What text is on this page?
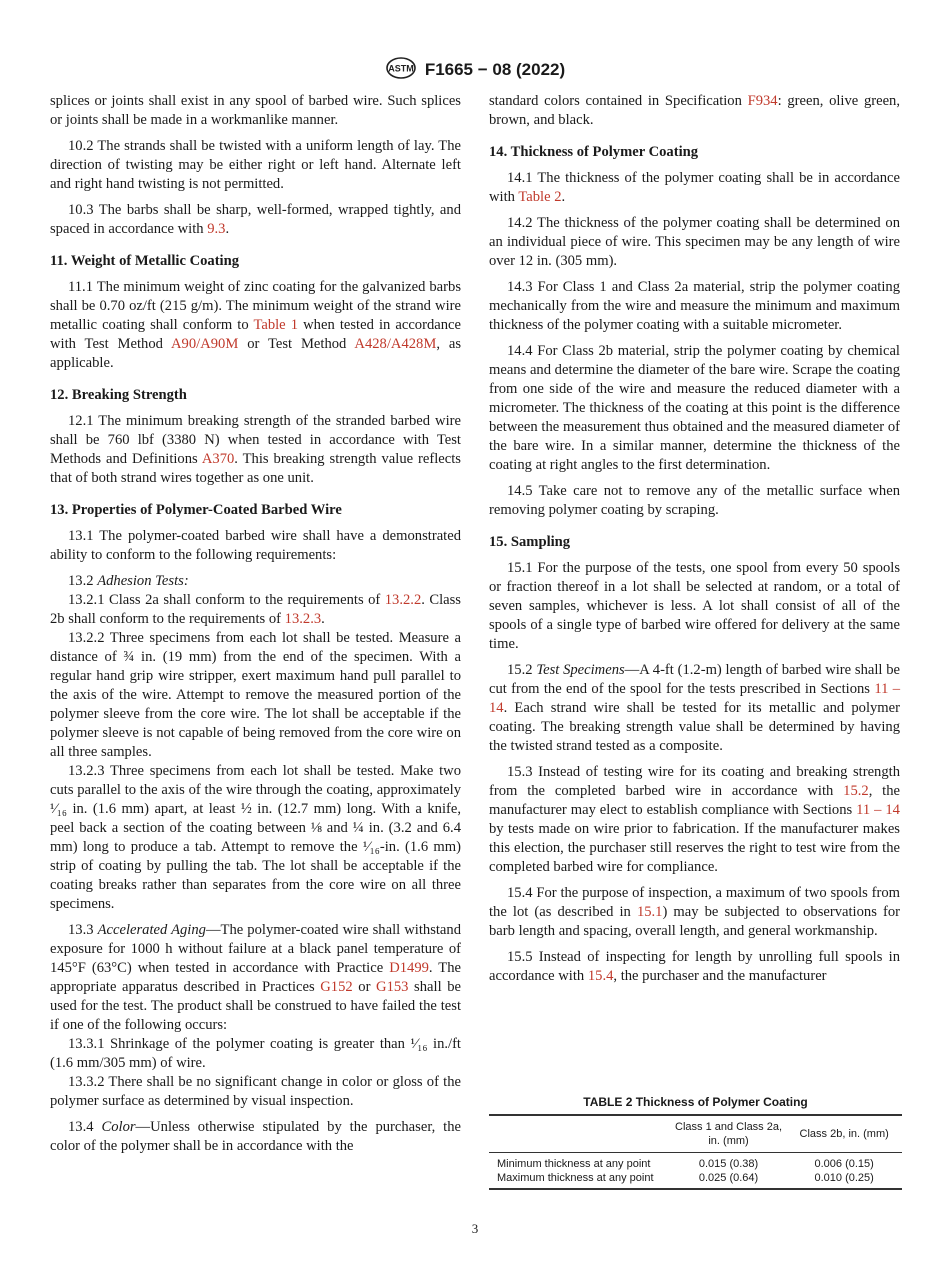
ASTM F1665 − 08 (2022)

splices or joints shall exist in any spool of barbed wire. Such splices or joints shall be made in a workmanlike manner.

10.2 The strands shall be twisted with a uniform length of lay. The direction of twisting may be either right or left hand. Alternate left and right hand twisting is not permitted.

10.3 The barbs shall be sharp, well-formed, wrapped tightly, and spaced in accordance with 9.3.

11. Weight of Metallic Coating

11.1 The minimum weight of zinc coating for the galvanized barbs shall be 0.70 oz/ft (215 g/m). The minimum weight of the strand wire metallic coating shall conform to Table 1 when tested in accordance with Test Method A90/A90M or Test Method A428/A428M, as applicable.

12. Breaking Strength

12.1 The minimum breaking strength of the stranded barbed wire shall be 760 lbf (3380 N) when tested in accordance with Test Methods and Definitions A370. This breaking strength value reflects that of both strand wires together as one unit.

13. Properties of Polymer-Coated Barbed Wire

13.1 The polymer-coated barbed wire shall have a demonstrated ability to conform to the following requirements:

13.2 Adhesion Tests:

13.2.1 Class 2a shall conform to the requirements of 13.2.2. Class 2b shall conform to the requirements of 13.2.3.

13.2.2 Three specimens from each lot shall be tested. Measure a distance of ¾ in. (19 mm) from the end of the specimen. With a regular hand grip wire stripper, exert maximum hand pull parallel to the axis of the wire. Attempt to remove the measured portion of the polymer sleeve from the core wire. The lot shall be acceptable if the polymer sleeve is not capable of being removed from the core wire on all three samples.

13.2.3 Three specimens from each lot shall be tested. Make two cuts parallel to the axis of the wire through the coating, approximately ¹⁄₁₆ in. (1.6 mm) apart, at least ½ in. (12.7 mm) long. With a knife, peel back a section of the coating between ⅛ and ¼ in. (3.2 and 6.4 mm) long to produce a tab. Attempt to remove the ¹⁄₁₆-in. (1.6 mm) strip of coating by pulling the tab. The lot shall be acceptable if the coating breaks rather than separates from the core wire on all three specimens.

13.3 Accelerated Aging—The polymer-coated wire shall withstand exposure for 1000 h without failure at a black panel temperature of 145°F (63°C) when tested in accordance with Practice D1499. The appropriate apparatus described in Practices G152 or G153 shall be used for the test. The product shall be construed to have failed the test if one of the following occurs:

13.3.1 Shrinkage of the polymer coating is greater than ¹⁄₁₆ in./ft (1.6 mm/305 mm) of wire.

13.3.2 There shall be no significant change in color or gloss of the polymer surface as determined by visual inspection.

13.4 Color—Unless otherwise stipulated by the purchaser, the color of the polymer shall be in accordance with the

standard colors contained in Specification F934: green, olive green, brown, and black.

14. Thickness of Polymer Coating

14.1 The thickness of the polymer coating shall be in accordance with Table 2.

14.2 The thickness of the polymer coating shall be determined on an individual piece of wire. This specimen may be any length of wire over 12 in. (305 mm).

14.3 For Class 1 and Class 2a material, strip the polymer coating mechanically from the wire and measure the minimum and maximum thickness of the polymer coating with a suitable micrometer.

14.4 For Class 2b material, strip the polymer coating by chemical means and determine the diameter of the bare wire. Scrape the coating from one side of the wire and measure the reduced diameter with a micrometer. The thickness of the coating at this point is the difference between the measurement thus obtained and the measured diameter of the bare wire. In a similar manner, determine the thickness of the coating at right angles to the first determination.

14.5 Take care not to remove any of the metallic surface when removing polymer coating by scraping.

15. Sampling

15.1 For the purpose of the tests, one spool from every 50 spools or fraction thereof in a lot shall be selected at random, or a total of seven samples, whichever is less. A lot shall consist of all of the spools of a single type of barbed wire offered for delivery at the same time.

15.2 Test Specimens—A 4-ft (1.2-m) length of barbed wire shall be cut from the end of the spool for the tests prescribed in Sections 11 – 14. Each strand wire shall be tested for its metallic and polymer coating. The breaking strength value shall be determined by having the twisted strand tested as a composite.

15.3 Instead of testing wire for its coating and breaking strength from the completed barbed wire in accordance with 15.2, the manufacturer may elect to establish compliance with Sections 11 – 14 by tests made on wire prior to fabrication. If the manufacturer makes this election, the purchaser still reserves the right to test wire from the completed barbed wire for compliance.

15.4 For the purpose of inspection, a maximum of two spools from the lot (as described in 15.1) may be subjected to observations for barb length and spacing, overall length, and general workmanship.

15.5 Instead of inspecting for length by unrolling full spools in accordance with 15.4, the purchaser and the manufacturer

TABLE 2 Thickness of Polymer Coating
	Class 1 and Class 2a, in. (mm)	Class 2b, in. (mm)
Minimum thickness at any point	0.015 (0.38)	0.006 (0.15)
Maximum thickness at any point	0.025 (0.64)	0.010 (0.25)
3
